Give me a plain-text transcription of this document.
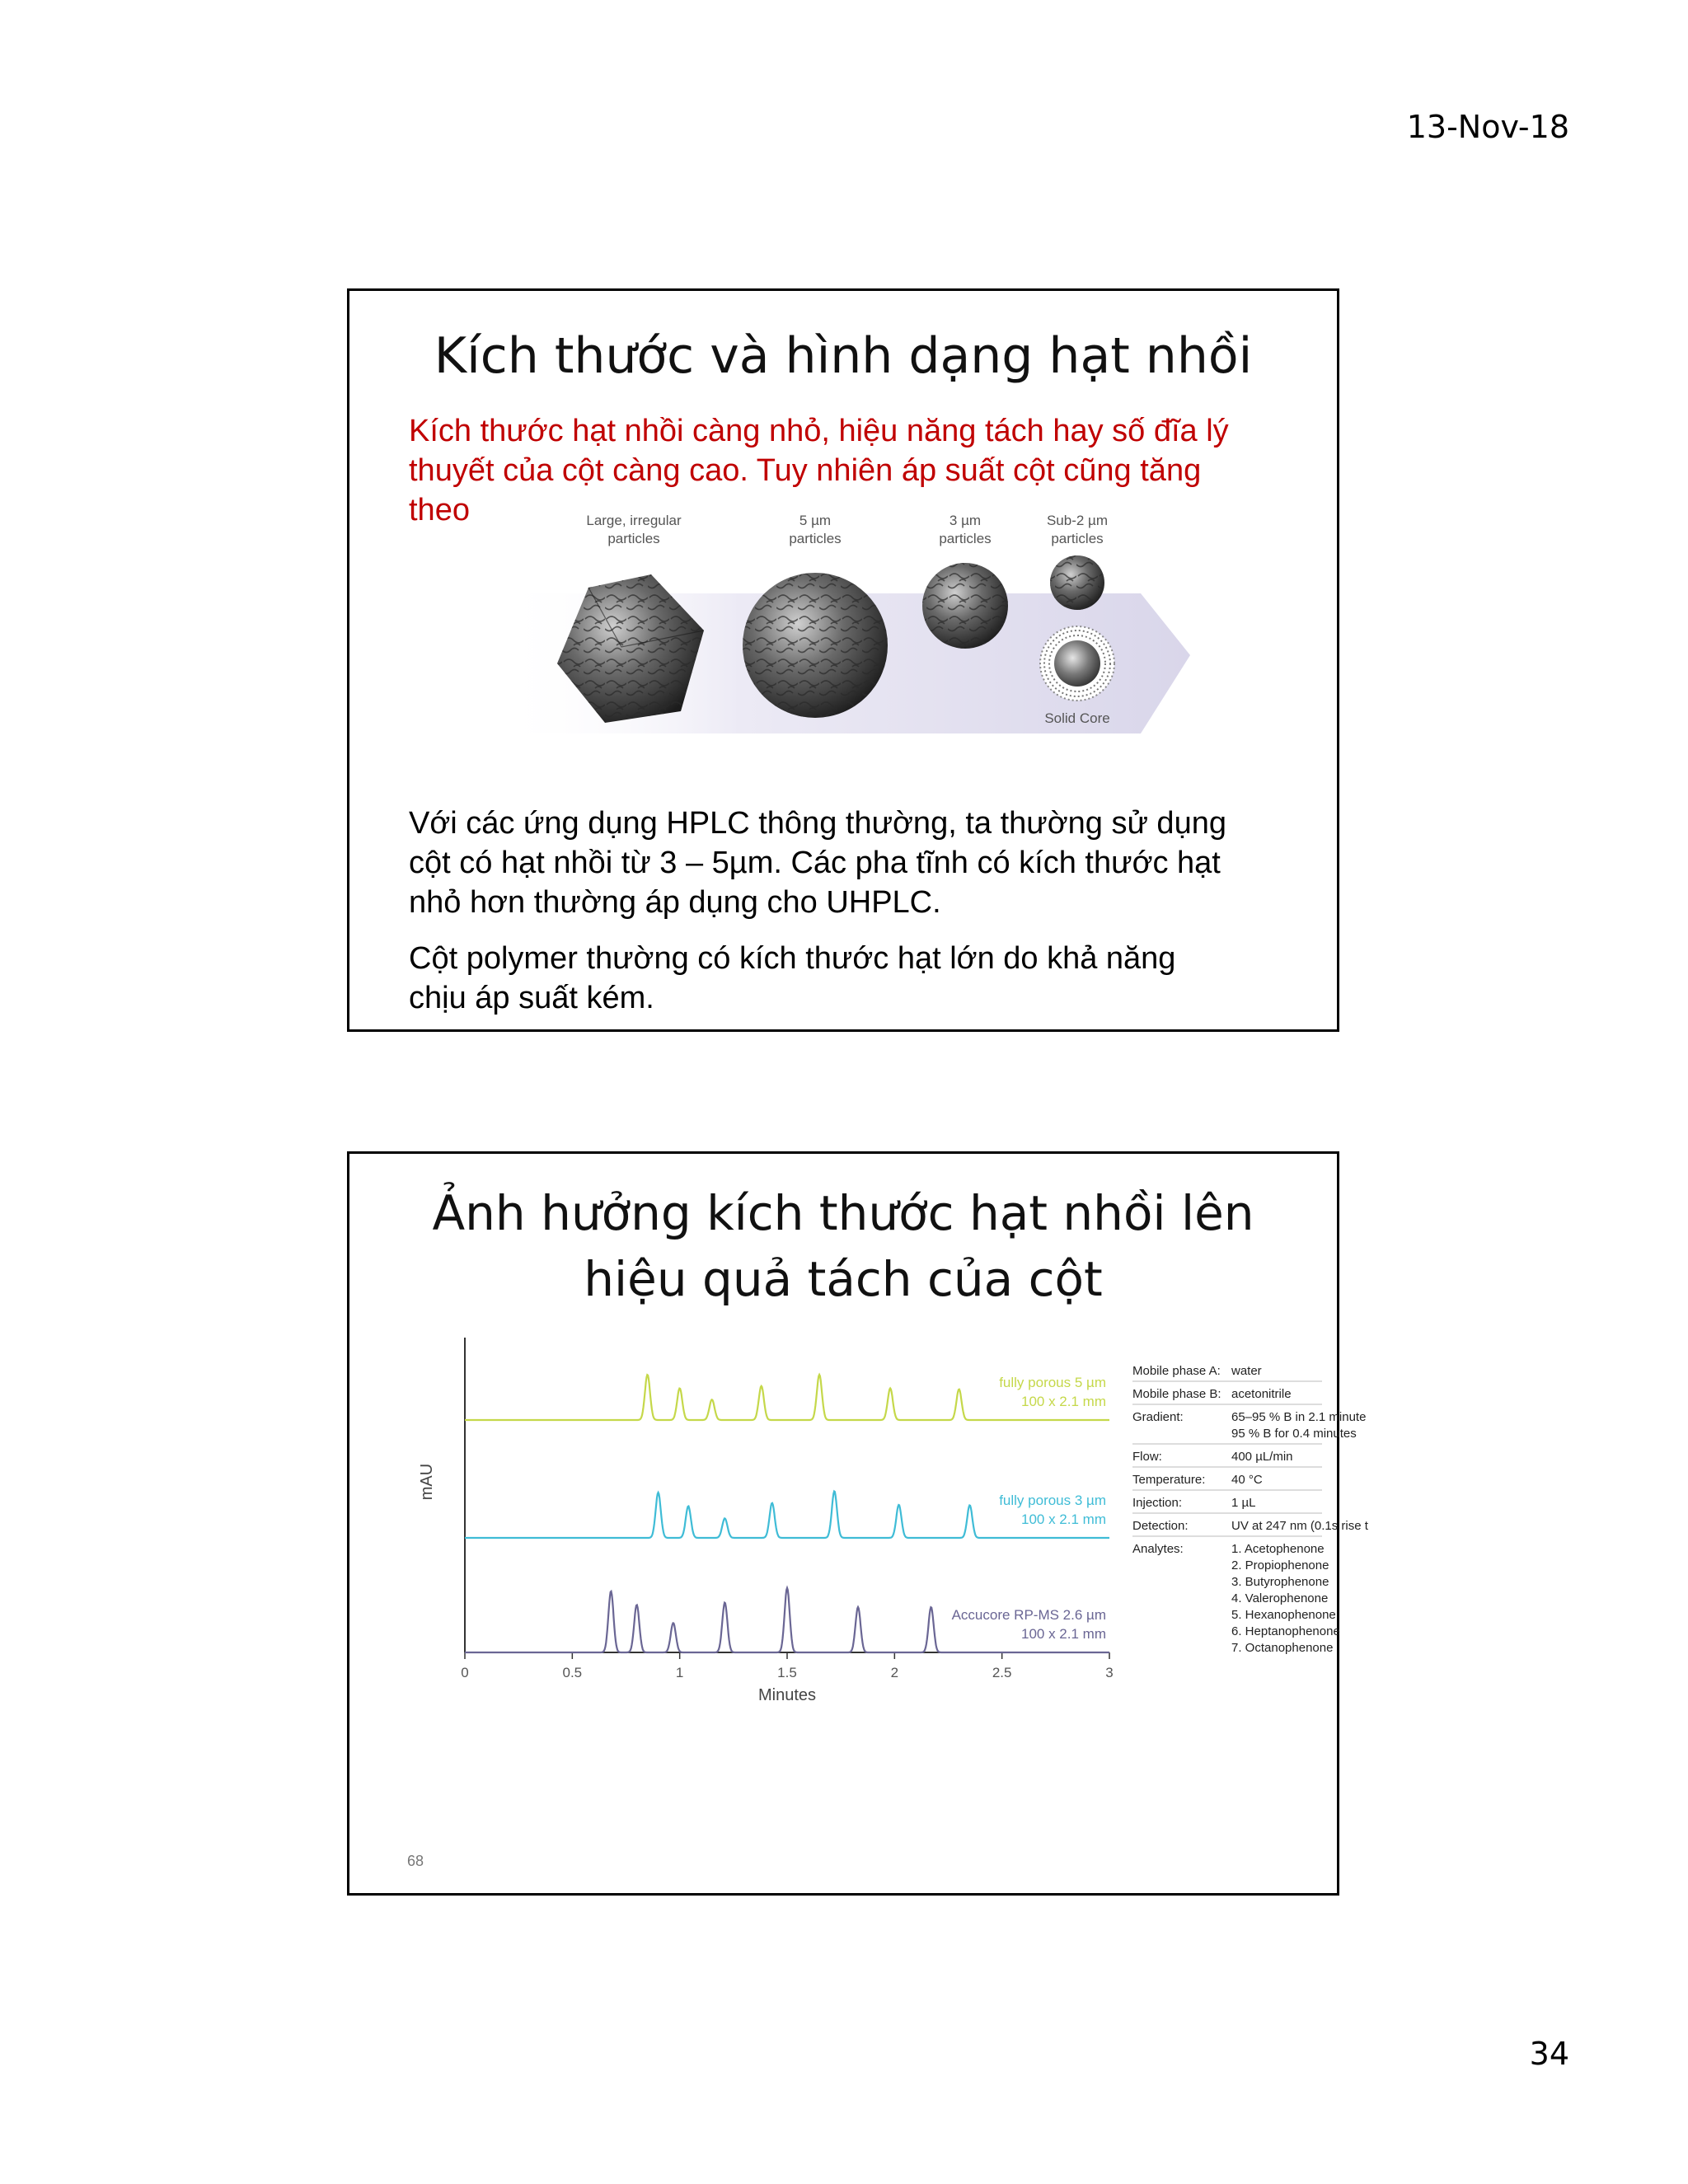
13-Nov-18
Kích thước và hình dạng hạt nhồi
Kích thước hạt nhồi càng nhỏ, hiệu năng tách hay số đĩa lý
thuyết của cột càng cao. Tuy nhiên áp suất cột cũng tăng
theo	Large, irregular
particles
5 µm
particles
3 µm
particles
Sub-2 µm
particles
Solid Core
Với các ứng dụng HPLC thông thường, ta thường sử dụng
cột có hạt nhồi từ 3 – 5µm. Các pha tĩnh có kích thước hạt
nhỏ hơn thường áp dụng cho UHPLC.
Cột polymer thường có kích thước hạt lớn do khả năng
chịu áp suất kém.
Ảnh hưởng kích thước hạt nhồi lên
hiệu quả tách của cột
0	0.5	1	1.5	2	2.5	3
Minutes
mAU
fully porous 5 µm
100 x 2.1 mm
fully porous 3 µm
100 x 2.1 mm
Accucore RP-MS 2.6 µm
100 x 2.1 mm
Mobile phase A: water
Mobile phase B: acetonitrile
Gradient:	65–95 % B in 2.1 minute
95 % B for 0.4 minutes
Flow:	400 µL/min
Temperature: 40 °C
Injection:	1 µL
Detection:	UV at 247 nm (0.1s rise t
Analytes:	1. Acetophenone
2. Propiophenone
3. Butyrophenone
4. Valerophenone
5. Hexanophenone
6. Heptanophenone
7. Octanophenone
68
34
